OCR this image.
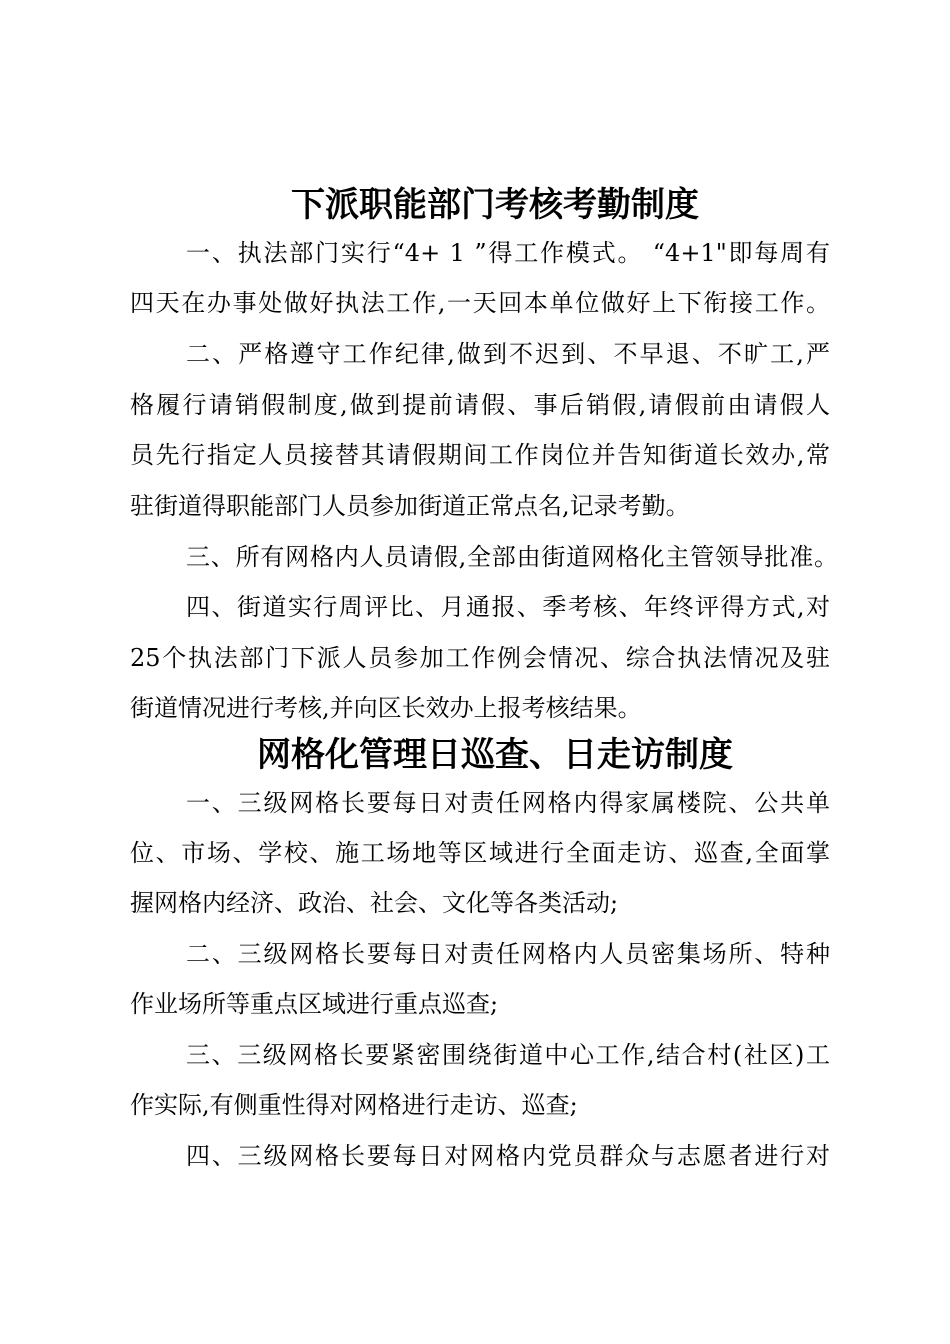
下派职能部门考核考勤制度

一、执法部门实行“4+ 1 ”得工作模式。 “4+1"即每周有

四天在办事处做好执法工作,一天回本单位做好上下衔接工作。

二、严格遵守工作纪律,做到不迟到、不早退、不旷工,严

格履行请销假制度,做到提前请假、事后销假,请假前由请假人

员先行指定人员接替其请假期间工作岗位并告知街道长效办,常

驻街道得职能部门人员参加街道正常点名,记录考勤。

三、所有网格内人员请假,全部由街道网格化主管领导批准。

四、街道实行周评比、月通报、季考核、年终评得方式,对

25个执法部门下派人员参加工作例会情况、综合执法情况及驻

街道情况进行考核,并向区长效办上报考核结果。

网格化管理日巡查、日走访制度

一、三级网格长要每日对责任网格内得家属楼院、公共单

位、市场、学校、施工场地等区域进行全面走访、巡查,全面掌

握网格内经济、政治、社会、文化等各类活动;

二、三级网格长要每日对责任网格内人员密集场所、特种

作业场所等重点区域进行重点巡查;

三、三级网格长要紧密围绕街道中心工作,结合村(社区)工

作实际,有侧重性得对网格进行走访、巡查;

四、三级网格长要每日对网格内党员群众与志愿者进行对
